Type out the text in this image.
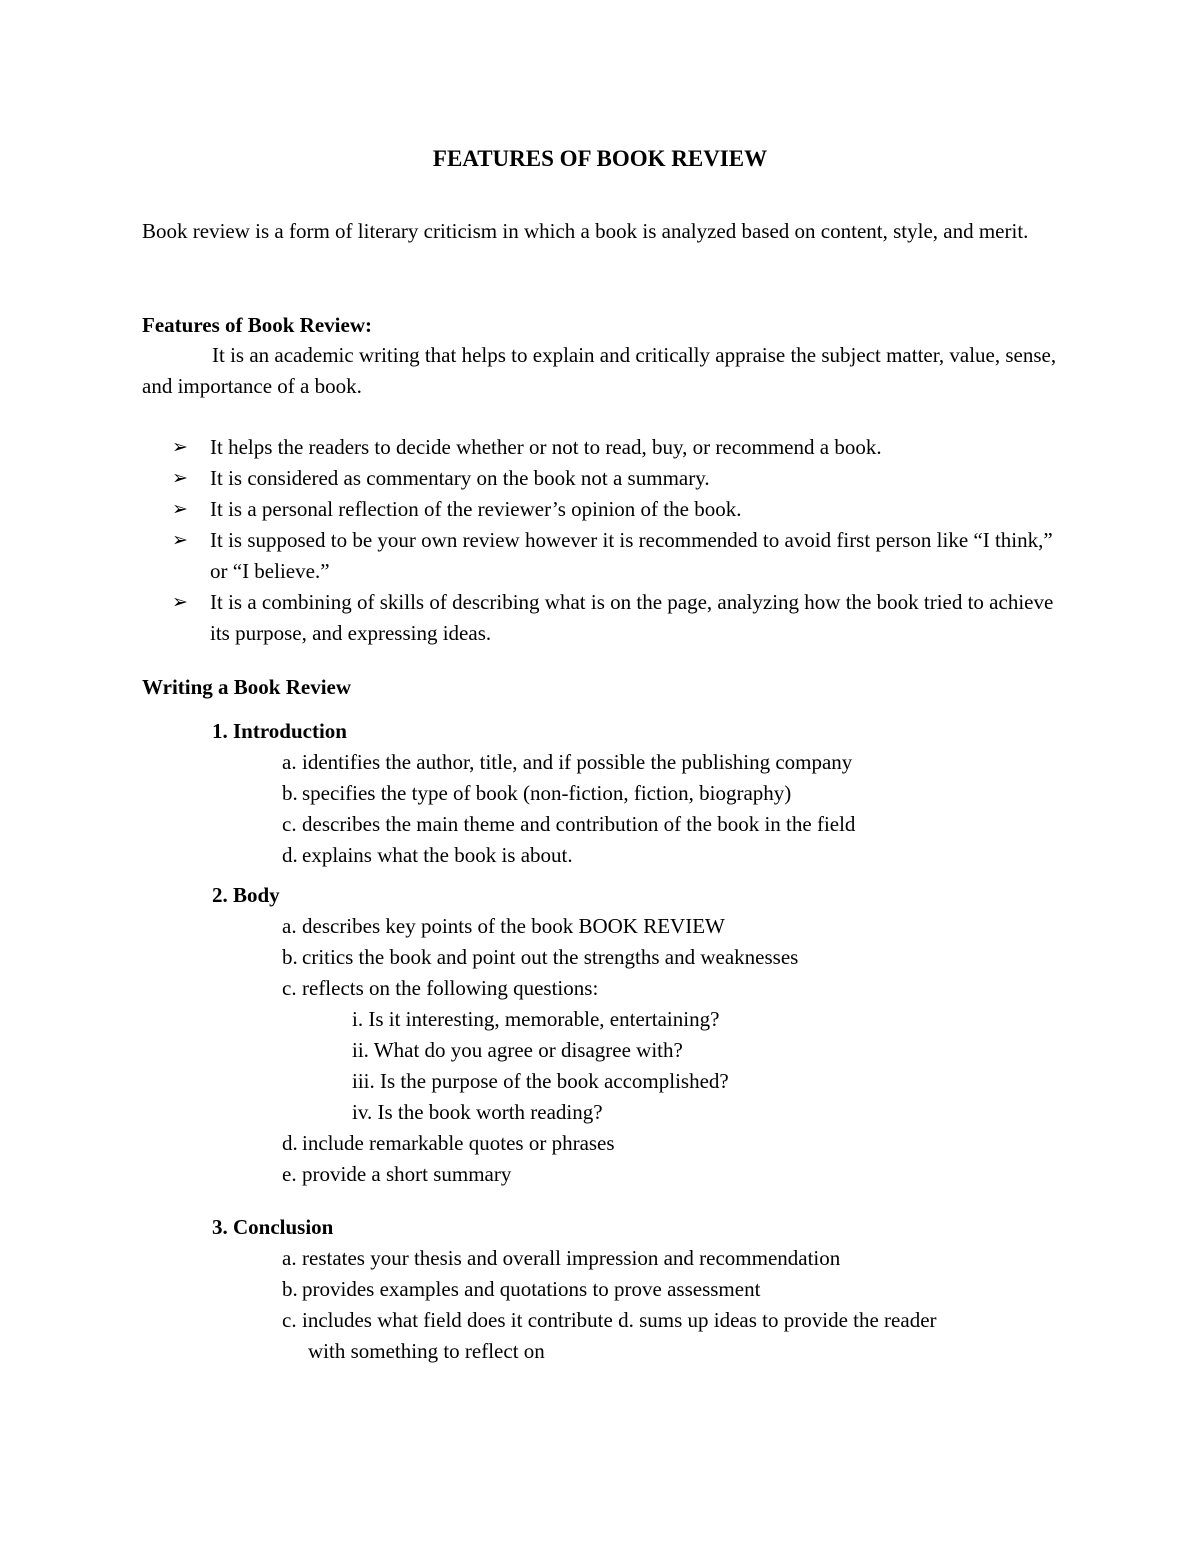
FEATURES OF BOOK REVIEW
Book review is a form of literary criticism in which a book is analyzed based on content, style, and merit.
Features of Book Review:
It is an academic writing that helps to explain and critically appraise the subject matter, value, sense, and importance of a book.
➢ It helps the readers to decide whether or not to read, buy, or recommend a book.
➢ It is considered as commentary on the book not a summary.
➢ It is a personal reflection of the reviewer’s opinion of the book.
➢ It is supposed to be your own review however it is recommended to avoid first person like “I think,” or “I believe.”
➢ It is a combining of skills of describing what is on the page, analyzing how the book tried to achieve its purpose, and expressing ideas.
Writing a Book Review
1. Introduction
a. identifies the author, title, and if possible the publishing company
b. specifies the type of book (non-fiction, fiction, biography)
c. describes the main theme and contribution of the book in the field
d. explains what the book is about.
2. Body
a. describes key points of the book BOOK REVIEW
b. critics the book and point out the strengths and weaknesses
c. reflects on the following questions:
i. Is it interesting, memorable, entertaining?
ii. What do you agree or disagree with?
iii. Is the purpose of the book accomplished?
iv. Is the book worth reading?
d. include remarkable quotes or phrases
e. provide a short summary
3. Conclusion
a. restates your thesis and overall impression and recommendation
b. provides examples and quotations to prove assessment
c. includes what field does it contribute d. sums up ideas to provide the reader
with something to reflect on
